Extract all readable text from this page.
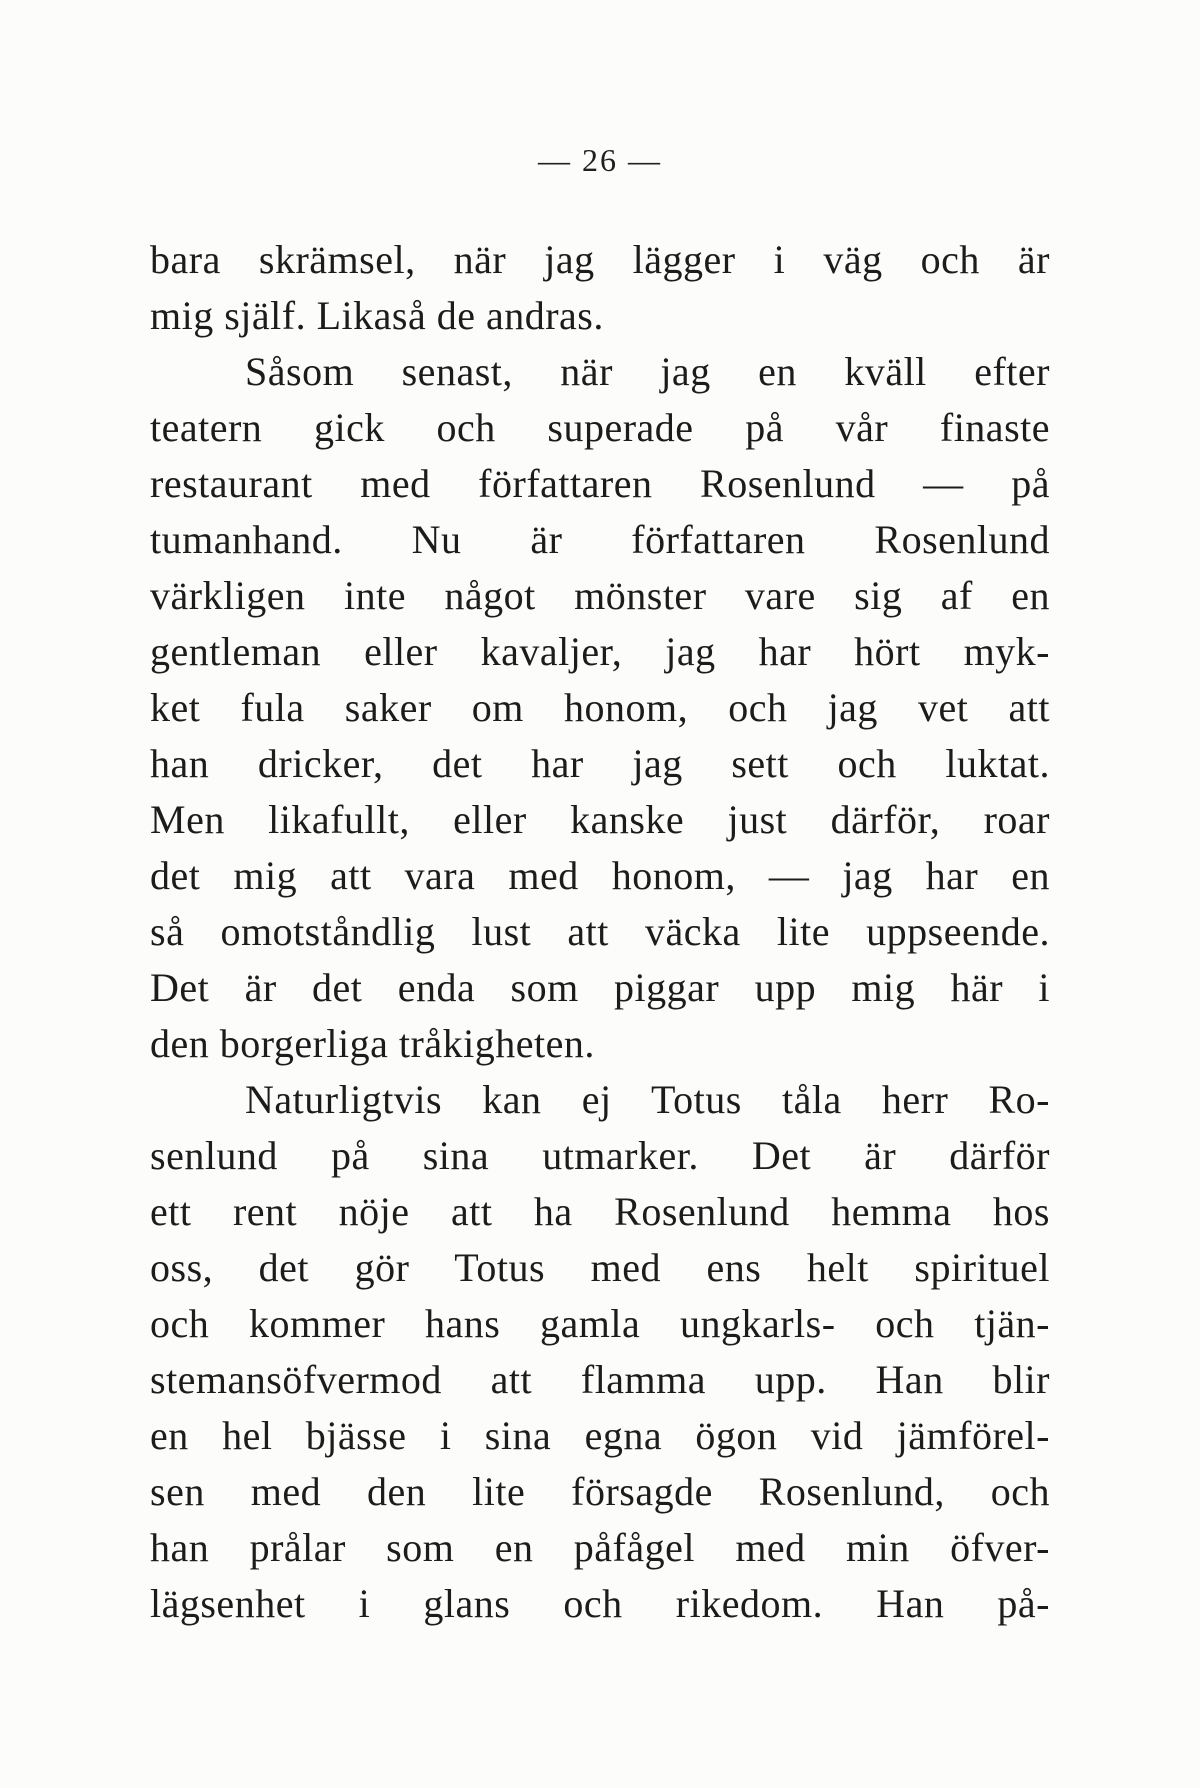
— 26 —
bara skrämsel, när jag lägger i väg och är
mig själf. Likaså de andras.
Såsom senast, när jag en kväll efter
teatern gick och superade på vår finaste
restaurant med författaren Rosenlund — på
tumanhand. Nu är författaren Rosenlund
värkligen inte något mönster vare sig af en
gentleman eller kavaljer, jag har hört myk-
ket fula saker om honom, och jag vet att
han dricker, det har jag sett och luktat.
Men likafullt, eller kanske just därför, roar
det mig att vara med honom, — jag har en
så omotståndlig lust att väcka lite uppseende.
Det är det enda som piggar upp mig här i
den borgerliga tråkigheten.
Naturligtvis kan ej Totus tåla herr Ro-
senlund på sina utmarker. Det är därför
ett rent nöje att ha Rosenlund hemma hos
oss, det gör Totus med ens helt spirituel
och kommer hans gamla ungkarls- och tjän-
stemansöfvermod att flamma upp. Han blir
en hel bjässe i sina egna ögon vid jämförel-
sen med den lite försagde Rosenlund, och
han prålar som en påfågel med min öfver-
lägsenhet i glans och rikedom. Han på-
